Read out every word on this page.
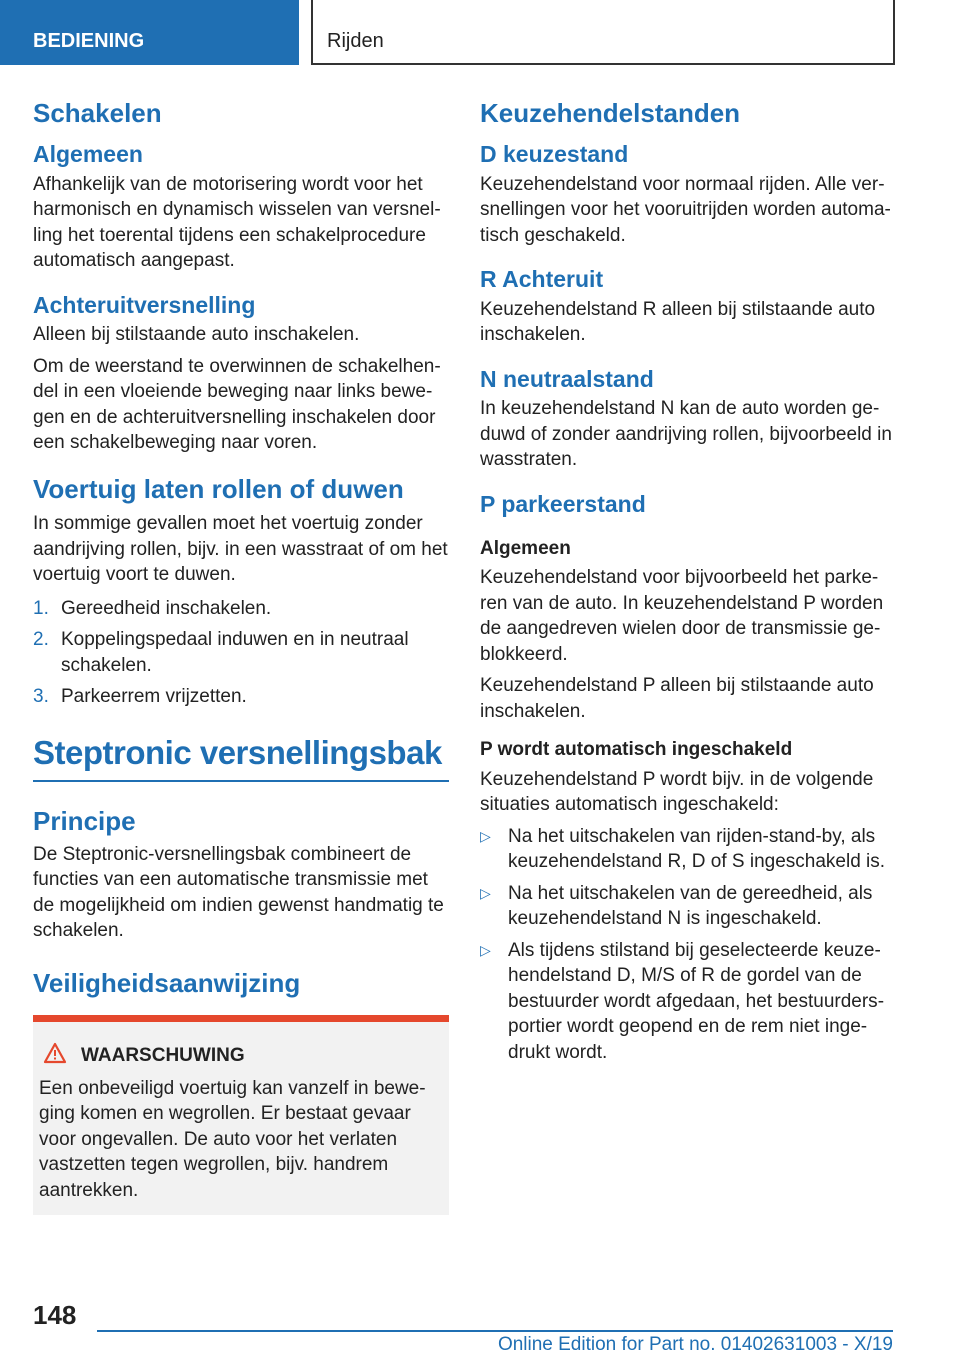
BEDIENING	Rijden
Schakelen
Algemeen

Afhankelijk van de motorisering wordt voor het harmonisch en dynamisch wisselen van versnelling het toerental tijdens een schakelprocedure automatisch aangepast.

Achteruitversnelling

Alleen bij stilstaande auto inschakelen.

Om de weerstand te overwinnen de schakelhendel in een vloeiende beweging naar links bewegen en de achteruitversnelling inschakelen door een schakelbeweging naar voren.

Voertuig laten rollen of duwen

In sommige gevallen moet het voertuig zonder aandrijving rollen, bijv. in een wasstraat of om het voertuig voort te duwen.

1. Gereedheid inschakelen.
2. Koppelingspedaal induwen en in neutraal schakelen.
3. Parkeerrem vrijzetten.
Steptronic versnellingsbak
Principe

De Steptronic-versnellingsbak combineert de functies van een automatische transmissie met de mogelijkheid om indien gewenst handmatig te schakelen.

Veiligheidsaanwijzing
WAARSCHUWING

Een onbeveiligd voertuig kan vanzelf in beweging komen en wegrollen. Er bestaat gevaar voor ongevallen. De auto voor het verlaten vastzetten tegen wegrollen, bijv. handrem aantrekken.

Keuzehendelstanden
D keuzestand

Keuzehendelstand voor normaal rijden. Alle versnellingen voor het vooruitrijden worden automatisch geschakeld.

R Achteruit

Keuzehendelstand R alleen bij stilstaande auto inschakelen.

N neutraalstand

In keuzehendelstand N kan de auto worden geduwd of zonder aandrijving rollen, bijvoorbeeld in wasstraten.

P parkeerstand
Algemeen

Keuzehendelstand voor bijvoorbeeld het parkeren van de auto. In keuzehendelstand P worden de aangedreven wielen door de transmissie geblokkeerd.

Keuzehendelstand P alleen bij stilstaande auto inschakelen.

P wordt automatisch ingeschakeld

Keuzehendelstand P wordt bijv. in de volgende situaties automatisch ingeschakeld:

▷ Na het uitschakelen van rijden-stand-by, als keuzehendelstand R, D of S ingeschakeld is.
▷ Na het uitschakelen van de gereedheid, als keuzehendelstand N is ingeschakeld.
▷ Als tijdens stilstand bij geselecteerde keuzehendelstand D, M/S of R de gordel van de bestuurder wordt afgedaan, het bestuurdersportier wordt geopend en de rem niet ingedrukt wordt.
148
Online Edition for Part no. 01402631003 - X/19
